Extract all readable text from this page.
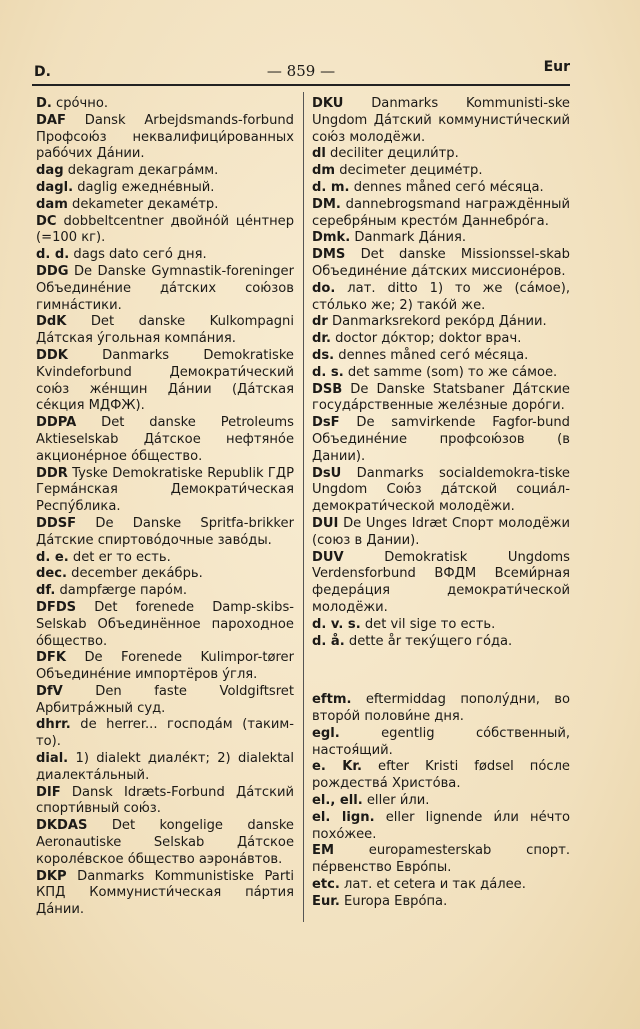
D.	— 859 —	Eur

D. срóчно.

DAF Dansk Arbejdsmands-forbund Профсою́з неквалифици́рованных рабо́чих Да́нии.

dag dekagram декагра́мм.

dagl. daglig ежедне́вный.

dam dekameter декаме́тр.

DC dobbeltcentner двойно́й це́нтнер (=100 кг).

d. d. dags dato сего́ дня.

DDG De Danske Gymnastik-foreninger Объедине́ние да́тских сою́зов гимна́стики.

DdK Det danske Kulkompagni Да́тская у́гольная компа́ния.

DDK Danmarks Demokratiske Kvindeforbund Демократи́ческий сою́з же́нщин Да́нии (Да́тская се́кция МДФЖ).

DDPA Det danske Petroleums Aktieselskab Да́тское нефтяно́е акционе́рное о́бщество.

DDR Tyske Demokratiske Republik ГДР Герма́нская Демократи́ческая Респу́блика.

DDSF De Danske Spritfa-brikker Да́тские спиртово́дочные заво́ды.

d. e. det er то есть.

dec. december дека́брь.

df. dampfærge паро́м.

DFDS Det forenede Damp-skibs-Selskab Объединённое пароходное о́бщество.

DFK De Forenede Kulimpor-tører Объедине́ние импортёров у́гля.

DfV Den faste Voldgiftsret Арбитра́жный суд.

dhrr. de herrer... господа́м (таким-то).

dial. 1) dialekt диале́кт; 2) dialektal диалекта́льный.

DIF Dansk Idræts-Forbund Да́тский спорти́вный сою́з.

DKDAS Det kongelige danske Aeronautiske Selskab Да́тское короле́вское о́бщество аэрона́втов.

DKP Danmarks Kommunistiske Parti КПД Коммунисти́ческая па́ртия Да́нии.

DKU Danmarks Kommunisti-ske Ungdom Да́тский коммунисти́ческий сою́з молодёжи.

dl deciliter децили́тр.

dm decimeter дециме́тр.

d. m. dennes måned сего́ ме́сяца.

DM. dannebrogsmand награждённый серебря́ным кресто́м Даннебро́га.

Dmk. Danmark Да́ния.

DMS Det danske Missionssel-skab Объедине́ние да́тских миссионе́ров.

do. лат. ditto 1) то же (са́мое), сто́лько же; 2) тако́й же.

dr Danmarksrekord реко́рд Да́нии.

dr. doctor до́ктор; doktor врач.

ds. dennes måned сего́ ме́сяца.

d. s. det samme (som) то же са́мое.

DSB De Danske Statsbaner Да́тские госуда́рственные желе́зные доро́ги.

DsF De samvirkende Fagfor-bund Объедине́ние профсою́зов (в Дании).

DsU Danmarks socialdemokra-tiske Ungdom Сою́з да́тской социа́л-демократи́ческой молодёжи.

DUI De Unges Idræt Спорт молодёжи (союз в Дании).

DUV Demokratisk Ungdoms Verdensforbund ВФДМ Всеми́рная федера́ция демократи́ческой молодёжи.

d. v. s. det vil sige то есть.

d. å. dette år теку́щего го́да.

eftm. eftermiddag пополу́дни, во второ́й полови́не дня.

egl. egentlig со́бственный, настоя́щий.

e. Kr. efter Kristi fødsel по́сле рождества́ Христо́ва.

el., ell. eller и́ли.

el. lign. eller lignende и́ли не́что похо́жее.

EM europamesterskab спорт. пе́рвенство Евро́пы.

etc. лат. et cetera и так да́лее.

Eur. Europa Евро́па.
